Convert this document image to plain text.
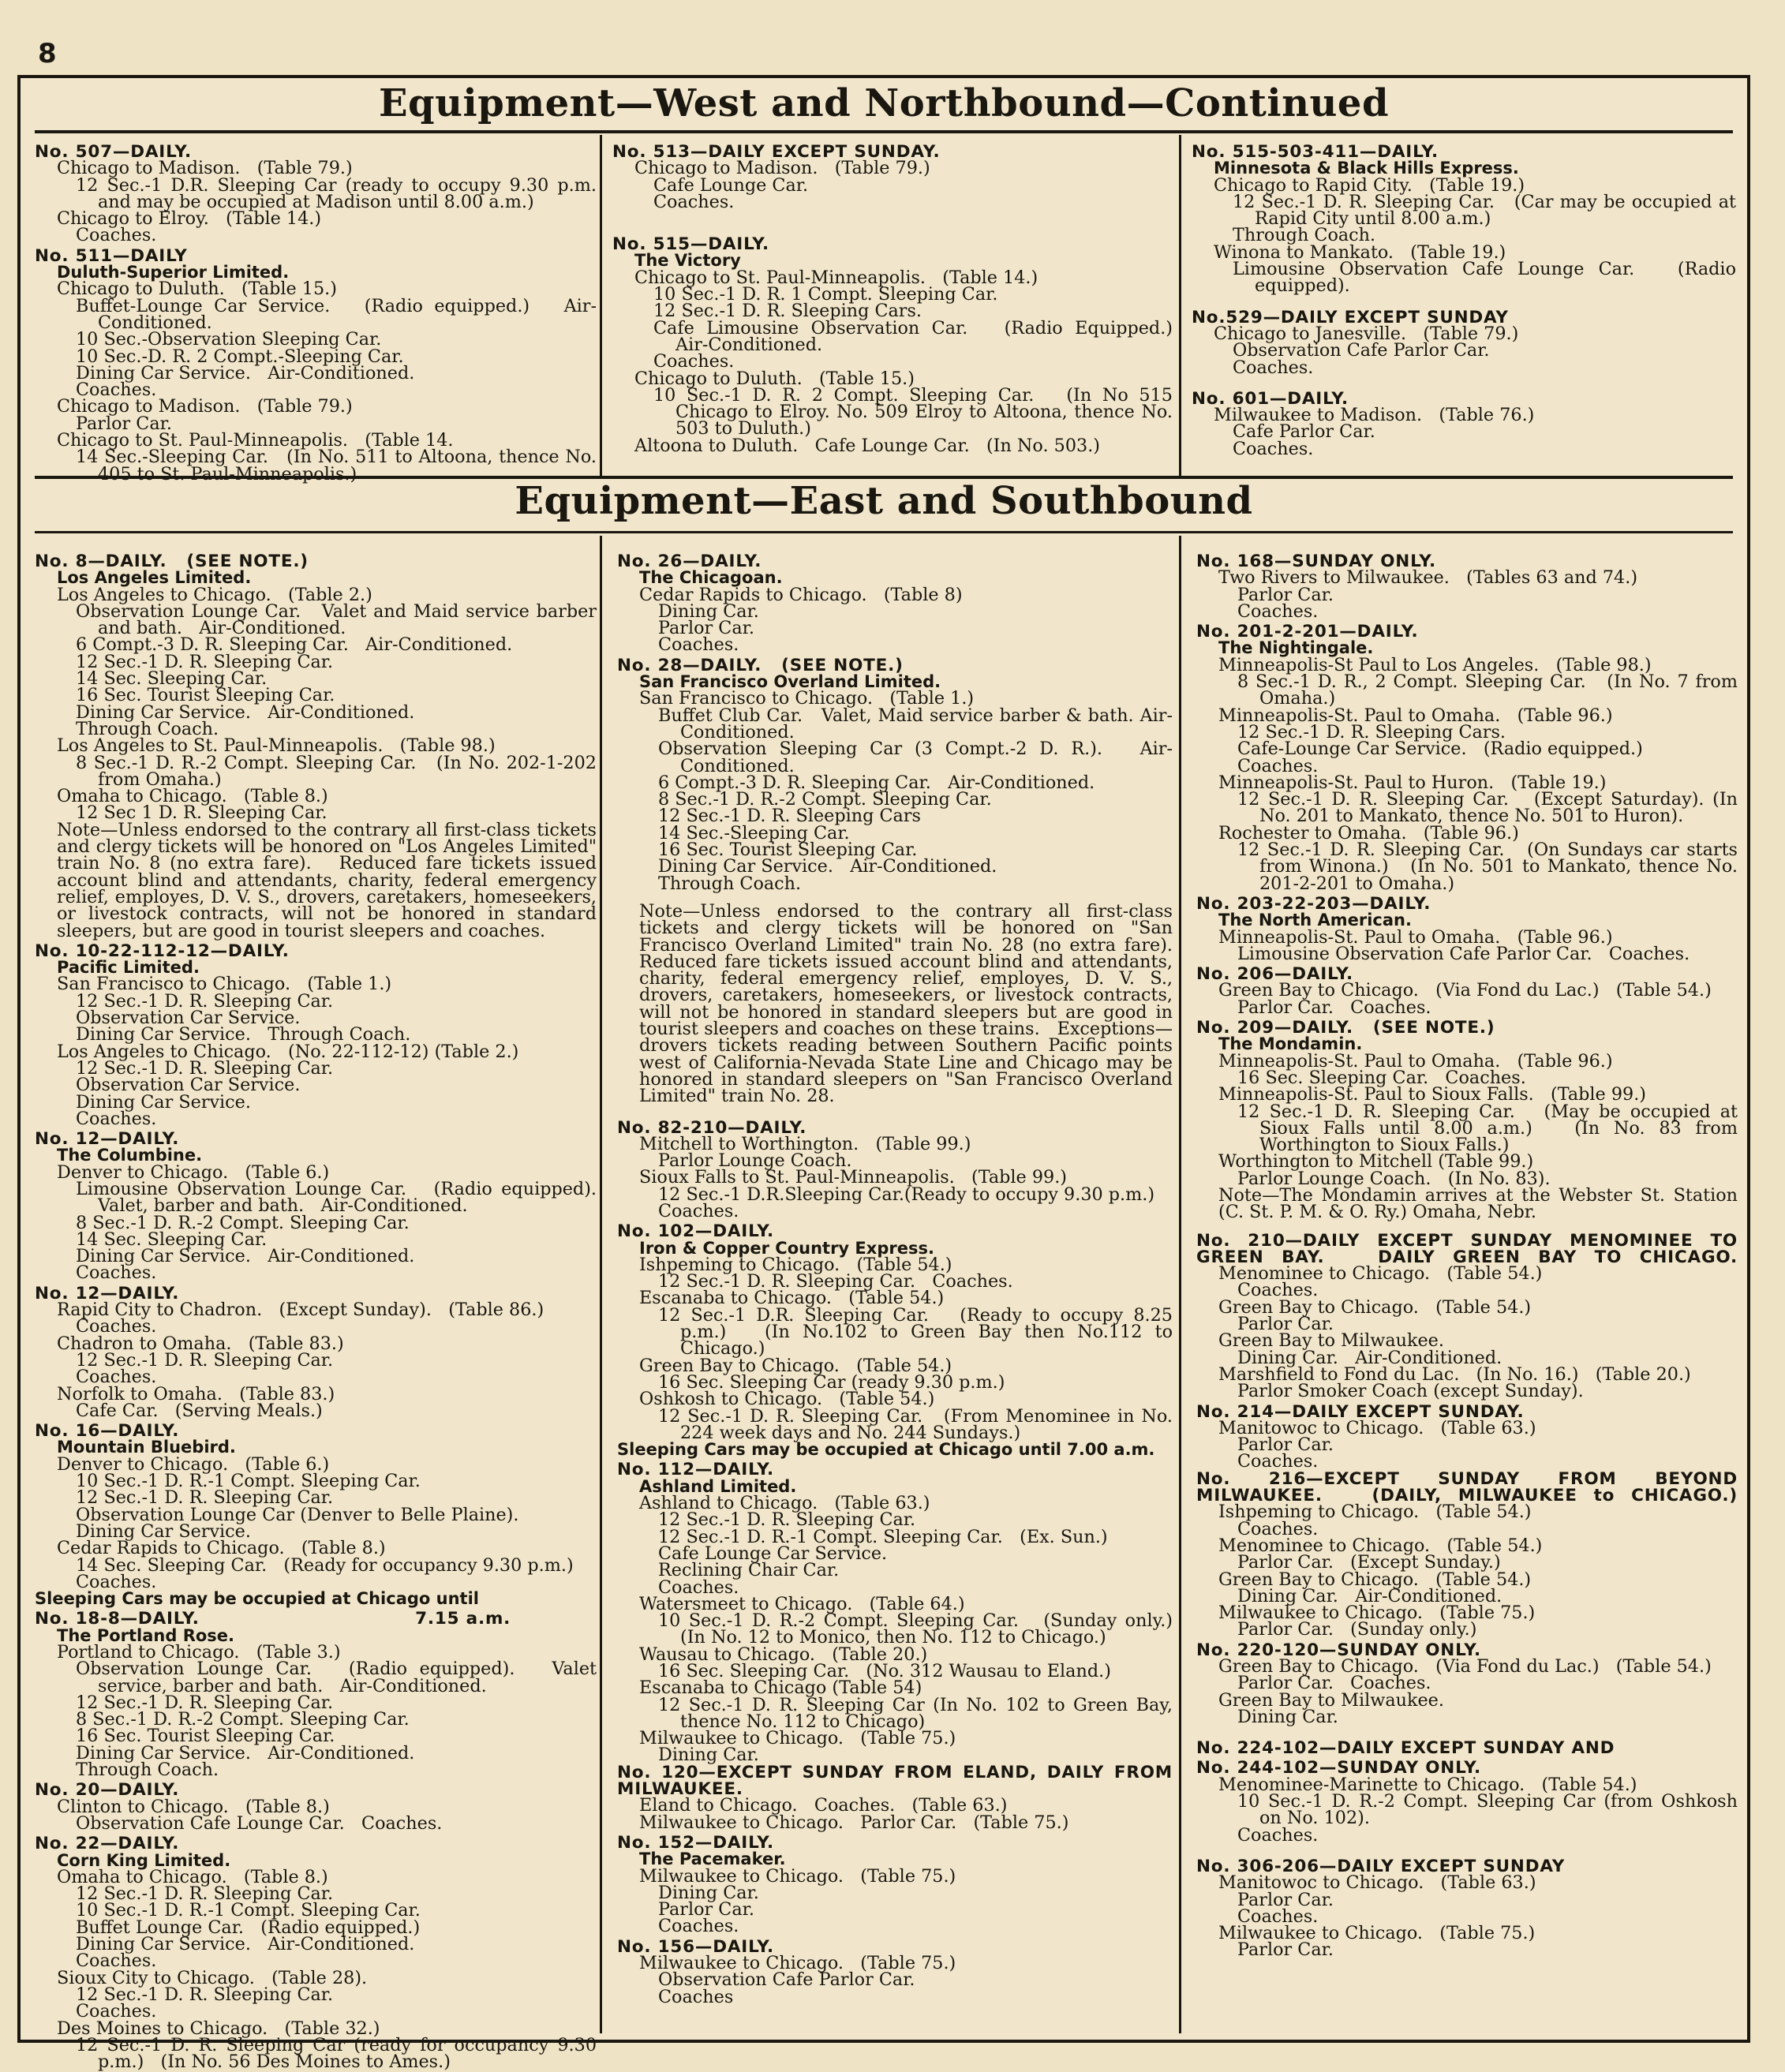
8
Equipment—West and Northbound—Continued
No. 507—DAILY.
Chicago to Madison.   (Table 79.)
12 Sec.-1 D.R. Sleeping Car (ready to occupy 9.30 p.m. and may be occupied at Madison until 8.00 a.m.)
Chicago to Elroy.   (Table 14.)
Coaches.
No. 511—DAILY
Duluth-Superior Limited.
Chicago to Duluth.   (Table 15.)
Buffet-Lounge Car Service.   (Radio equipped.)   Air-Conditioned.
10 Sec.-Observation Sleeping Car.
10 Sec.-D. R. 2 Compt.-Sleeping Car.
Dining Car Service.   Air-Conditioned.
Coaches.
Chicago to Madison.   (Table 79.)
Parlor Car.
Chicago to St. Paul-Minneapolis.   (Table 14.
14 Sec.-Sleeping Car.   (In No. 511 to Altoona, thence No. 405 to St. Paul-Minneapolis.)
No. 513—DAILY EXCEPT SUNDAY.
Chicago to Madison.   (Table 79.)
Cafe Lounge Car.
Coaches.
No. 515—DAILY.
The Victory
Chicago to St. Paul-Minneapolis.   (Table 14.)
10 Sec.-1 D. R. 1 Compt. Sleeping Car.
12 Sec.-1 D. R. Sleeping Cars.
Cafe Limousine Observation Car.   (Radio Equipped.)   Air-Conditioned.
Coaches.
Chicago to Duluth.   (Table 15.)
10 Sec.-1 D. R. 2 Compt. Sleeping Car.   (In No 515 Chicago to Elroy. No. 509 Elroy to Altoona, thence No. 503 to Duluth.)
Altoona to Duluth.   Cafe Lounge Car.   (In No. 503.)
No. 515-503-411—DAILY.
Minnesota & Black Hills Express.
Chicago to Rapid City.   (Table 19.)
12 Sec.-1 D. R. Sleeping Car.   (Car may be occupied at Rapid City until 8.00 a.m.)
Through Coach.
Winona to Mankato.   (Table 19.)
Limousine Observation Cafe Lounge Car.   (Radio equipped).
No.529—DAILY EXCEPT SUNDAY
Chicago to Janesville.   (Table 79.)
Observation Cafe Parlor Car.
Coaches.
No. 601—DAILY.
Milwaukee to Madison.   (Table 76.)
Cafe Parlor Car.
Coaches.
Equipment—East and Southbound
No. 8—DAILY.   (SEE NOTE.)
Los Angeles Limited.
Los Angeles to Chicago.   (Table 2.)
Observation Lounge Car.   Valet and Maid service barber and bath.   Air-Conditioned.
6 Compt.-3 D. R. Sleeping Car.   Air-Conditioned.
12 Sec.-1 D. R. Sleeping Car.
14 Sec. Sleeping Car.
16 Sec. Tourist Sleeping Car.
Dining Car Service.   Air-Conditioned.
Through Coach.
Los Angeles to St. Paul-Minneapolis.   (Table 98.)
8 Sec.-1 D. R.-2 Compt. Sleeping Car.   (In No. 202-1-202 from Omaha.)
Omaha to Chicago.   (Table 8.)
12 Sec 1 D. R. Sleeping Car.
Note—Unless endorsed to the contrary all first-class tickets and clergy tickets will be honored on "Los Angeles Limited" train No. 8 (no extra fare).   Reduced fare tickets issued account blind and attendants, charity, federal emergency relief, employes, D. V. S., drovers, caretakers, homeseekers, or livestock contracts, will not be honored in standard sleepers, but are good in tourist sleepers and coaches.
No. 10-22-112-12—DAILY.
Pacific Limited.
San Francisco to Chicago.   (Table 1.)
12 Sec.-1 D. R. Sleeping Car.
Observation Car Service.
Dining Car Service.   Through Coach.
Los Angeles to Chicago.   (No. 22-112-12) (Table 2.)
12 Sec.-1 D. R. Sleeping Car.
Observation Car Service.
Dining Car Service.
Coaches.
No. 12—DAILY.
The Columbine.
Denver to Chicago.   (Table 6.)
Limousine Observation Lounge Car.   (Radio equipped). Valet, barber and bath.   Air-Conditioned.
8 Sec.-1 D. R.-2 Compt. Sleeping Car.
14 Sec. Sleeping Car.
Dining Car Service.   Air-Conditioned.
Coaches.
No. 12—DAILY.
Rapid City to Chadron.   (Except Sunday).   (Table 86.)
Coaches.
Chadron to Omaha.   (Table 83.)
12 Sec.-1 D. R. Sleeping Car.
Coaches.
Norfolk to Omaha.   (Table 83.)
Cafe Car.   (Serving Meals.)
No. 16—DAILY.
Mountain Bluebird.
Denver to Chicago.   (Table 6.)
10 Sec.-1 D. R.-1 Compt. Sleeping Car.
12 Sec.-1 D. R. Sleeping Car.
Observation Lounge Car (Denver to Belle Plaine).
Dining Car Service.
Cedar Rapids to Chicago.   (Table 8.)
14 Sec. Sleeping Car.   (Ready for occupancy 9.30 p.m.)
Coaches.
Sleeping Cars may be occupied at Chicago until
No. 18-8—DAILY.                                 7.15 a.m.
The Portland Rose.
Portland to Chicago.   (Table 3.)
Observation Lounge Car.   (Radio equipped).   Valet service, barber and bath.   Air-Conditioned.
12 Sec.-1 D. R. Sleeping Car.
8 Sec.-1 D. R.-2 Compt. Sleeping Car.
16 Sec. Tourist Sleeping Car.
Dining Car Service.   Air-Conditioned.
Through Coach.
No. 20—DAILY.
Clinton to Chicago.   (Table 8.)
Observation Cafe Lounge Car.   Coaches.
No. 22—DAILY.
Corn King Limited.
Omaha to Chicago.   (Table 8.)
12 Sec.-1 D. R. Sleeping Car.
10 Sec.-1 D. R.-1 Compt. Sleeping Car.
Buffet Lounge Car.   (Radio equipped.)
Dining Car Service.   Air-Conditioned.
Coaches.
Sioux City to Chicago.   (Table 28).
12 Sec.-1 D. R. Sleeping Car.
Coaches.
Des Moines to Chicago.   (Table 32.)
12 Sec.-1 D. R. Sleeping Car (ready for occupancy 9.30 p.m.)   (In No. 56 Des Moines to Ames.)
No. 26—DAILY.
The Chicagoan.
Cedar Rapids to Chicago.   (Table 8)
Dining Car.
Parlor Car.
Coaches.
No. 28—DAILY.   (SEE NOTE.)
San Francisco Overland Limited.
San Francisco to Chicago.   (Table 1.)
Buffet Club Car.   Valet, Maid service barber & bath. Air-Conditioned.
Observation Sleeping Car (3 Compt.-2 D. R.).   Air-Conditioned.
6 Compt.-3 D. R. Sleeping Car.   Air-Conditioned.
8 Sec.-1 D. R.-2 Compt. Sleeping Car.
12 Sec.-1 D. R. Sleeping Cars
14 Sec.-Sleeping Car.
16 Sec. Tourist Sleeping Car.
Dining Car Service.   Air-Conditioned.
Through Coach.
Note—Unless endorsed to the contrary all first-class tickets and clergy tickets will be honored on "San Francisco Overland Limited" train No. 28 (no extra fare).   Reduced fare tickets issued account blind and attendants, charity, federal emergency relief, employes, D. V. S., drovers, caretakers, homeseekers, or livestock contracts, will not be honored in standard sleepers but are good in tourist sleepers and coaches on these trains.   Exceptions—drovers tickets reading between Southern Pacific points west of California-Nevada State Line and Chicago may be honored in standard sleepers on "San Francisco Overland Limited" train No. 28.
No. 82-210—DAILY.
Mitchell to Worthington.   (Table 99.)
Parlor Lounge Coach.
Sioux Falls to St. Paul-Minneapolis.   (Table 99.)
12 Sec.-1 D.R.Sleeping Car.(Ready to occupy 9.30 p.m.)
Coaches.
No. 102—DAILY.
Iron & Copper Country Express.
Ishpeming to Chicago.   (Table 54.)
12 Sec.-1 D. R. Sleeping Car.   Coaches.
Escanaba to Chicago.   (Table 54.)
12 Sec.-1 D.R. Sleeping Car.   (Ready to occupy 8.25 p.m.)   (In No.102 to Green Bay then No.112 to Chicago.)
Green Bay to Chicago.   (Table 54.)
16 Sec. Sleeping Car (ready 9.30 p.m.)
Oshkosh to Chicago.   (Table 54.)
12 Sec.-1 D. R. Sleeping Car.   (From Menominee in No. 224 week days and No. 244 Sundays.)
Sleeping Cars may be occupied at Chicago until 7.00 a.m.
No. 112—DAILY.
Ashland Limited.
Ashland to Chicago.   (Table 63.)
12 Sec.-1 D. R. Sleeping Car.
12 Sec.-1 D. R.-1 Compt. Sleeping Car.   (Ex. Sun.)
Cafe Lounge Car Service.
Reclining Chair Car.
Coaches.
Watersmeet to Chicago.   (Table 64.)
10 Sec.-1 D. R.-2 Compt. Sleeping Car.   (Sunday only.) (In No. 12 to Monico, then No. 112 to Chicago.)
Wausau to Chicago.   (Table 20.)
16 Sec. Sleeping Car.   (No. 312 Wausau to Eland.)
Escanaba to Chicago (Table 54)
12 Sec.-1 D. R. Sleeping Car (In No. 102 to Green Bay, thence No. 112 to Chicago)
Milwaukee to Chicago.   (Table 75.)
Dining Car.
No. 120—EXCEPT SUNDAY FROM ELAND, DAILY FROM MILWAUKEE.
Eland to Chicago.   Coaches.   (Table 63.)
Milwaukee to Chicago.   Parlor Car.   (Table 75.)
No. 152—DAILY.
The Pacemaker.
Milwaukee to Chicago.   (Table 75.)
Dining Car.
Parlor Car.
Coaches.
No. 156—DAILY.
Milwaukee to Chicago.   (Table 75.)
Observation Cafe Parlor Car.
Coaches
No. 168—SUNDAY ONLY.
Two Rivers to Milwaukee.   (Tables 63 and 74.)
Parlor Car.
Coaches.
No. 201-2-201—DAILY.
The Nightingale.
Minneapolis-St Paul to Los Angeles.   (Table 98.)
8 Sec.-1 D. R., 2 Compt. Sleeping Car.   (In No. 7 from Omaha.)
Minneapolis-St. Paul to Omaha.   (Table 96.)
12 Sec.-1 D. R. Sleeping Cars.
Cafe-Lounge Car Service.   (Radio equipped.)
Coaches.
Minneapolis-St. Paul to Huron.   (Table 19.)
12 Sec.-1 D. R. Sleeping Car.   (Except Saturday). (In No. 201 to Mankato, thence No. 501 to Huron).
Rochester to Omaha.   (Table 96.)
12 Sec.-1 D. R. Sleeping Car.   (On Sundays car starts from Winona.)   (In No. 501 to Mankato, thence No. 201-2-201 to Omaha.)
No. 203-22-203—DAILY.
The North American.
Minneapolis-St. Paul to Omaha.   (Table 96.)
Limousine Observation Cafe Parlor Car.   Coaches.
No. 206—DAILY.
Green Bay to Chicago.   (Via Fond du Lac.)   (Table 54.)
Parlor Car.   Coaches.
No. 209—DAILY.   (SEE NOTE.)
The Mondamin.
Minneapolis-St. Paul to Omaha.   (Table 96.)
16 Sec. Sleeping Car.   Coaches.
Minneapolis-St. Paul to Sioux Falls.   (Table 99.)
12 Sec.-1 D. R. Sleeping Car.   (May be occupied at Sioux Falls until 8.00 a.m.)   (In No. 83 from Worthington to Sioux Falls.)
Worthington to Mitchell (Table 99.)
Parlor Lounge Coach.   (In No. 83).
Note—The Mondamin arrives at the Webster St. Station (C. St. P. M. & O. Ry.) Omaha, Nebr.
No. 210—DAILY EXCEPT SUNDAY MENOMINEE TO GREEN BAY.   DAILY GREEN BAY TO CHICAGO.
Menominee to Chicago.   (Table 54.)
Coaches.
Green Bay to Chicago.   (Table 54.)
Parlor Car.
Green Bay to Milwaukee.
Dining Car.   Air-Conditioned.
Marshfield to Fond du Lac.   (In No. 16.)   (Table 20.)
Parlor Smoker Coach (except Sunday).
No. 214—DAILY EXCEPT SUNDAY.
Manitowoc to Chicago.   (Table 63.)
Parlor Car.
Coaches.
No. 216—EXCEPT SUNDAY FROM BEYOND MILWAUKEE.   (DAILY, MILWAUKEE to CHICAGO.)
Ishpeming to Chicago.   (Table 54.)
Coaches.
Menominee to Chicago.   (Table 54.)
Parlor Car.   (Except Sunday.)
Green Bay to Chicago.   (Table 54.)
Dining Car.   Air-Conditioned.
Milwaukee to Chicago.   (Table 75.)
Parlor Car.   (Sunday only.)
No. 220-120—SUNDAY ONLY.
Green Bay to Chicago.   (Via Fond du Lac.)   (Table 54.)
Parlor Car.   Coaches.
Green Bay to Milwaukee.
Dining Car.
No. 224-102—DAILY EXCEPT SUNDAY AND
No. 244-102—SUNDAY ONLY.
Menominee-Marinette to Chicago.   (Table 54.)
10 Sec.-1 D. R.-2 Compt. Sleeping Car (from Oshkosh on No. 102).
Coaches.
No. 306-206—DAILY EXCEPT SUNDAY
Manitowoc to Chicago.   (Table 63.)
Parlor Car.
Coaches.
Milwaukee to Chicago.   (Table 75.)
Parlor Car.
